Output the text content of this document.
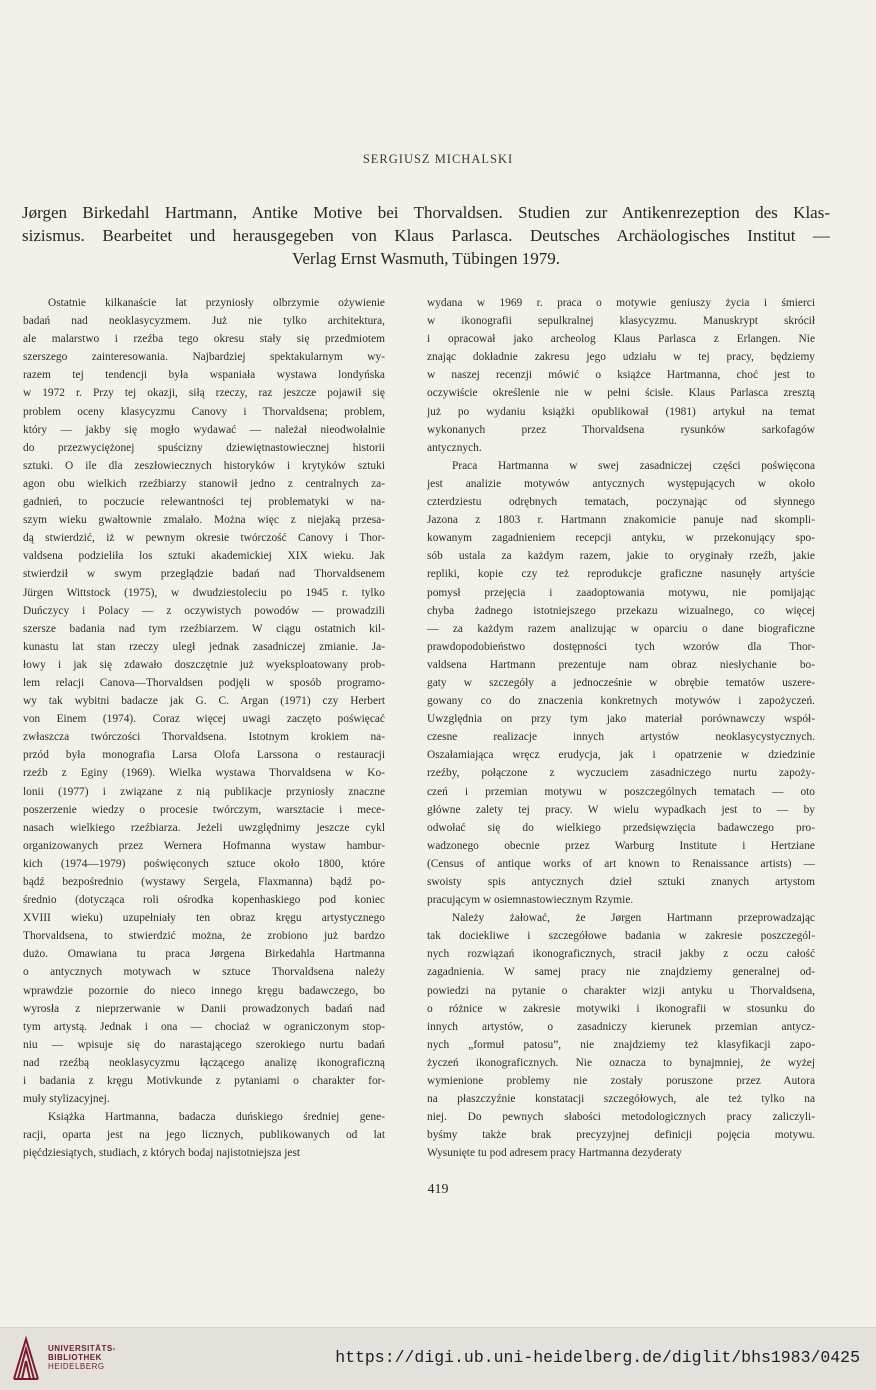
SERGIUSZ MICHALSKI
Jørgen Birkedahl Hartmann, Antike Motive bei Thorvaldsen. Studien zur Antikenrezeption des Klas-
sizismus. Bearbeitet und herausgegeben von Klaus Parlasca. Deutsches Archäologisches Institut —
Verlag Ernst Wasmuth, Tübingen 1979.
Ostatnie kilkanaście lat przyniosły olbrzymie ożywienie
badań nad neoklasycyzmem. Już nie tylko architektura,
ale malarstwo i rzeźba tego okresu stały się przedmiotem
szerszego zainteresowania. Najbardziej spektakularnym wy-
razem tej tendencji była wspaniała wystawa londyńska
w 1972 r. Przy tej okazji, siłą rzeczy, raz jeszcze pojawił się
problem oceny klasycyzmu Canovy i Thorvaldsena; problem,
który — jakby się mogło wydawać — należał nieodwołalnie
do przezwyciężonej spuścizny dziewiętnastowiecznej historii
sztuki. O ile dla zeszłowiecznych historyków i krytyków sztuki
agon obu wielkich rzeźbiarzy stanowił jedno z centralnych za-
gadnień, to poczucie relewantności tej problematyki w na-
szym wieku gwałtownie zmalało. Można więc z niejaką przesa-
dą stwierdzić, iż w pewnym okresie twórczość Canovy i Thor-
valdsena podzieliła los sztuki akademickiej XIX wieku. Jak
stwierdził w swym przeglądzie badań nad Thorvaldsenem
Jürgen Wittstock (1975), w dwudziestoleciu po 1945 r. tylko
Duńczycy i Polacy — z oczywistych powodów — prowadzili
szersze badania nad tym rzeźbiarzem. W ciągu ostatnich kil-
kunastu lat stan rzeczy uległ jednak zasadniczej zmianie. Ja-
łowy i jak się zdawało doszczętnie już wyeksploatowany prob-
lem relacji Canova—Thorvaldsen podjęli w sposób programo-
wy tak wybitni badacze jak G. C. Argan (1971) czy Herbert
von Einem (1974). Coraz więcej uwagi zaczęto poświęcać
zwłaszcza twórczości Thorvaldsena. Istotnym krokiem na-
przód była monografia Larsa Olofa Larssona o restauracji
rzeźb z Eginy (1969). Wielka wystawa Thorvaldsena w Ko-
lonii (1977) i związane z nią publikacje przyniosły znaczne
poszerzenie wiedzy o procesie twórczym, warsztacie i mece-
nasach wielkiego rzeźbiarza. Jeżeli uwzględnimy jeszcze cykl
organizowanych przez Wernera Hofmanna wystaw hambur-
kich (1974—1979) poświęconych sztuce około 1800, które
bądź bezpośrednio (wystawy Sergela, Flaxmanna) bądź po-
średnio (dotycząca roli ośrodka kopenhaskiego pod koniec
XVIII wieku) uzupełniały ten obraz kręgu artystycznego
Thorvaldsena, to stwierdzić można, że zrobiono już bardzo
dużo. Omawiana tu praca Jørgena Birkedahla Hartmanna
o antycznych motywach w sztuce Thorvaldsena należy
wprawdzie pozornie do nieco innego kręgu badawczego, bo
wyrosła z nieprzerwanie w Danii prowadzonych badań nad
tym artystą. Jednak i ona — chociaż w ograniczonym stop-
niu — wpisuje się do narastającego szerokiego nurtu badań
nad rzeźbą neoklasycyzmu łączącego analizę ikonograficzną
i badania z kręgu Motivkunde z pytaniami o charakter for-
muły stylizacyjnej.
Książka Hartmanna, badacza duńskiego średniej gene-
racji, oparta jest na jego licznych, publikowanych od lat
pięćdziesiątych, studiach, z których bodaj najistotniejsza jest
wydana w 1969 r. praca o motywie geniuszy życia i śmierci
w ikonografii sepulkralnej klasycyzmu. Manuskrypt skrócił
i opracował jako archeolog Klaus Parlasca z Erlangen. Nie
znając dokładnie zakresu jego udziału w tej pracy, będziemy
w naszej recenzji mówić o książce Hartmanna, choć jest to
oczywiście określenie nie w pełni ścisłe. Klaus Parlasca zresztą
już po wydaniu książki opublikował (1981) artykuł na temat
wykonanych przez Thorvaldsena rysunków sarkofagów
antycznych.
Praca Hartmanna w swej zasadniczej części poświęcona
jest analizie motywów antycznych występujących w około
czterdziestu odrębnych tematach, poczynając od słynnego
Jazona z 1803 r. Hartmann znakomicie panuje nad skompli-
kowanym zagadnieniem recepcji antyku, w przekonujący spo-
sób ustala za każdym razem, jakie to oryginały rzeźb, jakie
repliki, kopie czy też reprodukcje graficzne nasunęły artyście
pomysł przejęcia i zaadoptowania motywu, nie pomijając
chyba żadnego istotniejszego przekazu wizualnego, co więcej
— za każdym razem analizując w oparciu o dane biograficzne
prawdopodobieństwo dostępności tych wzorów dla Thor-
valdsena Hartmann prezentuje nam obraz niesłychanie bo-
gaty w szczegóły a jednocześnie w obrębie tematów uszere-
gowany co do znaczenia konkretnych motywów i zapożyczeń.
Uwzględnia on przy tym jako materiał porównawczy współ-
czesne realizacje innych artystów neoklasycystycznych.
Oszałamiająca wręcz erudycja, jak i opatrzenie w dziedzinie
rzeźby, połączone z wyczuciem zasadniczego nurtu zapoży-
czeń i przemian motywu w poszczególnych tematach — oto
główne zalety tej pracy. W wielu wypadkach jest to — by
odwołać się do wielkiego przedsięwzięcia badawczego pro-
wadzonego obecnie przez Warburg Institute i Hertziane
(Census of antique works of art known to Renaissance artists) —
swoisty spis antycznych dzieł sztuki znanych artystom
pracującym w osiemnastowiecznym Rzymie.
Należy żałować, że Jørgen Hartmann przeprowadzając
tak dociekliwe i szczegółowe badania w zakresie poszczegól-
nych rozwiązań ikonograficznych, stracił jakby z oczu całość
zagadnienia. W samej pracy nie znajdziemy generalnej od-
powiedzi na pytanie o charakter wizji antyku u Thorvaldsena,
o różnice w zakresie motywiki i ikonografii w stosunku do
innych artystów, o zasadniczy kierunek przemian antycz-
nych „formuł patosu”, nie znajdziemy też klasyfikacji zapo-
życzeń ikonograficznych. Nie oznacza to bynajmniej, że wyżej
wymienione problemy nie zostały poruszone przez Autora
na płaszczyźnie konstatacji szczegółowych, ale też tylko na
niej. Do pewnych słabości metodologicznych pracy zaliczyli-
byśmy także brak precyzyjnej definicji pojęcia motywu.
Wysunięte tu pod adresem pracy Hartmanna dezyderaty
419
UNIVERSITÄTS-
BIBLIOTHEK
HEIDELBERG	https://digi.ub.uni-heidelberg.de/diglit/bhs1983/0425
